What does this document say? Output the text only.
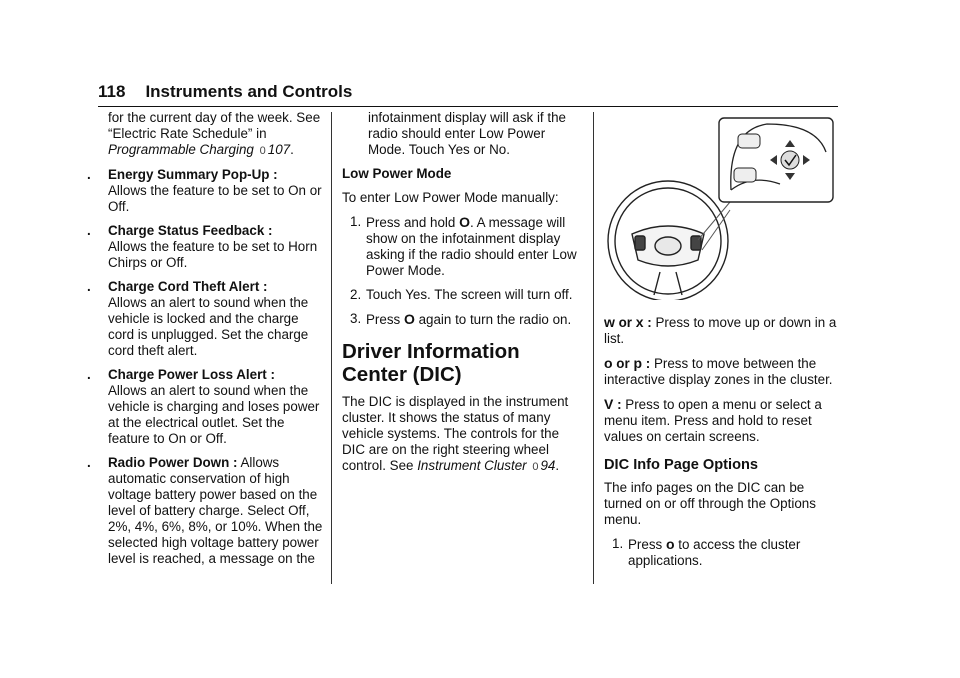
118 Instruments and Controls
for the current day of the week. See “Electric Rate Schedule” in Programmable Charging 0 107.
. Energy Summary Pop-Up :
Allows the feature to be set to On or Off.
. Charge Status Feedback :
Allows the feature to be set to Horn Chirps or Off.
. Charge Cord Theft Alert :
Allows an alert to sound when the vehicle is locked and the charge cord is unplugged. Set the charge cord theft alert.
. Charge Power Loss Alert :
Allows an alert to sound when the vehicle is charging and loses power at the electrical outlet. Set the feature to On or Off.
. Radio Power Down : Allows automatic conservation of high voltage battery power based on the level of battery charge. Select Off, 2%, 4%, 6%, 8%, or 10%. When the selected high voltage battery power level is reached, a message on the
infotainment display will ask if the radio should enter Low Power Mode. Touch Yes or No.
Low Power Mode
To enter Low Power Mode manually:
1. Press and hold O. A message will show on the infotainment display asking if the radio should enter Low Power Mode.
2. Touch Yes. The screen will turn off.
3. Press O again to turn the radio on.
Driver Information
Center (DIC)
The DIC is displayed in the instrument cluster. It shows the status of many vehicle systems. The controls for the DIC are on the right steering wheel control. See Instrument Cluster 0 94.
w or x : Press to move up or down in a list.
o or p : Press to move between the interactive display zones in the cluster.
V : Press to open a menu or select a menu item. Press and hold to reset values on certain screens.
DIC Info Page Options
The info pages on the DIC can be turned on or off through the Options menu.
1. Press o to access the cluster applications.
